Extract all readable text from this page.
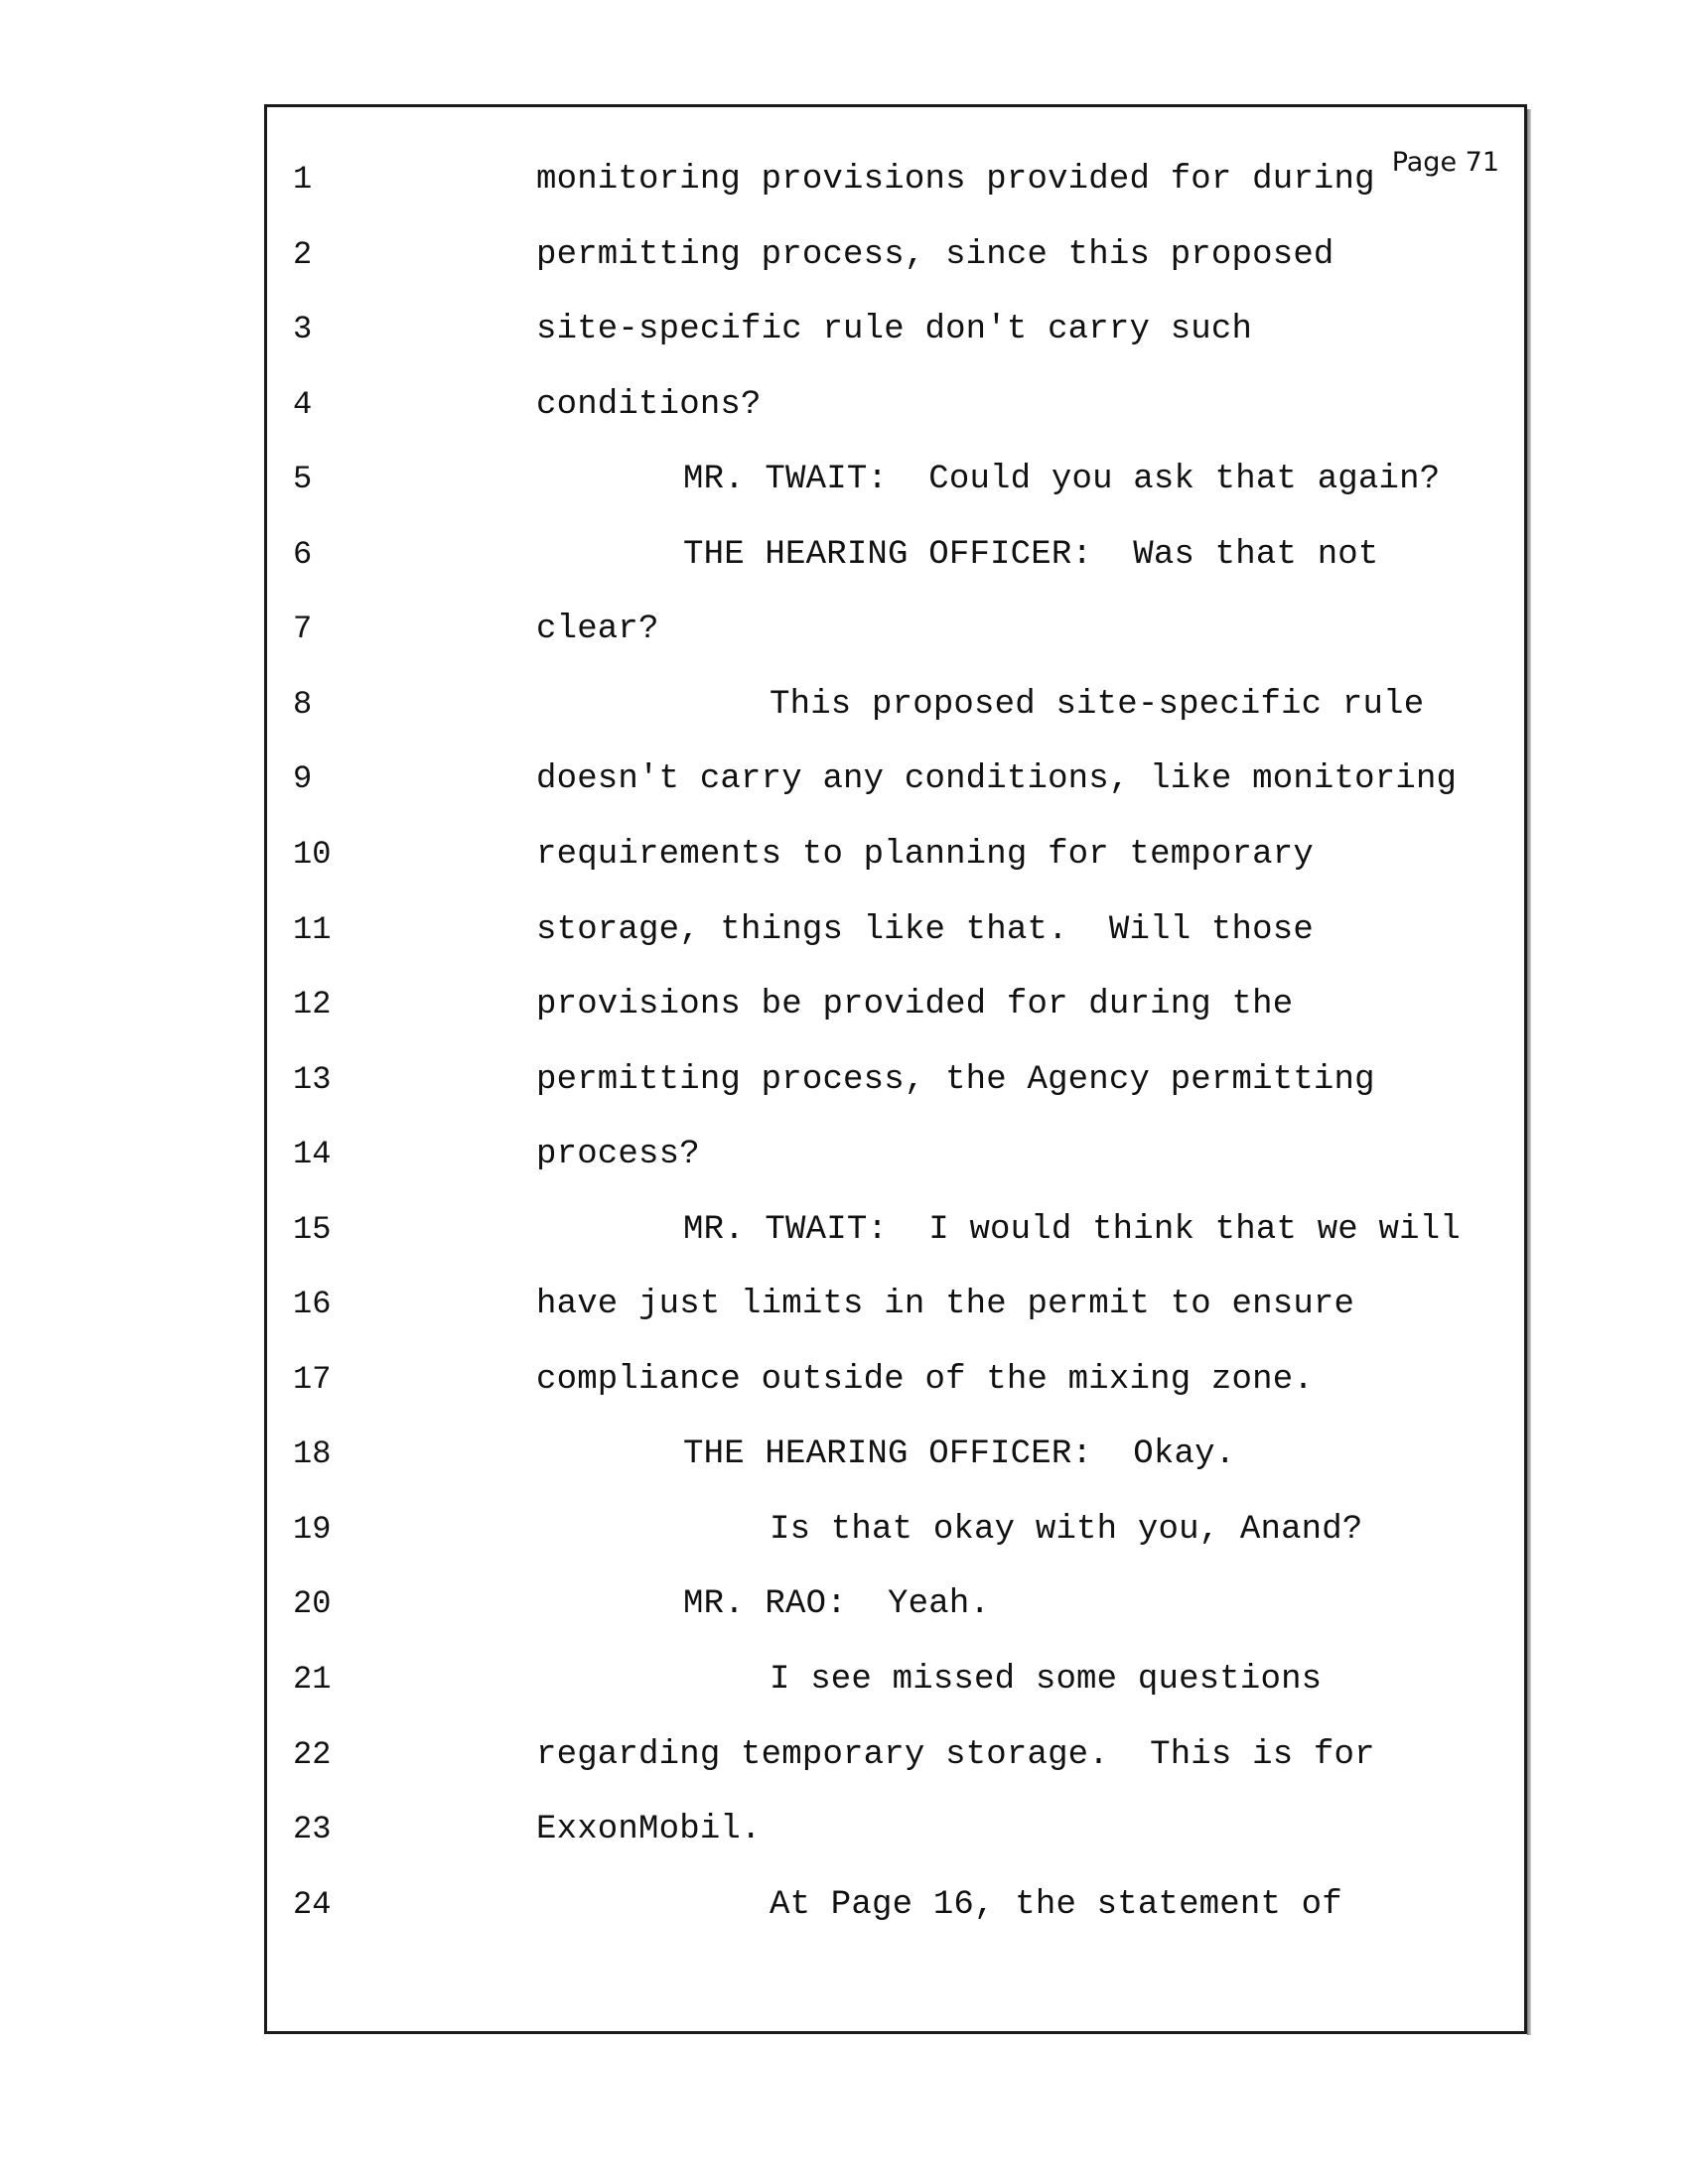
Page 71
1	monitoring provisions provided for during
2	permitting process, since this proposed
3	site-specific rule don't carry such
4	conditions?
5	MR. TWAIT:  Could you ask that again?
6	THE HEARING OFFICER:  Was that not
7	clear?
8	This proposed site-specific rule
9	doesn't carry any conditions, like monitoring
10	requirements to planning for temporary
11	storage, things like that.  Will those
12	provisions be provided for during the
13	permitting process, the Agency permitting
14	process?
15	MR. TWAIT:  I would think that we will
16	have just limits in the permit to ensure
17	compliance outside of the mixing zone.
18	THE HEARING OFFICER:  Okay.
19	Is that okay with you, Anand?
20	MR. RAO:  Yeah.
21	I see missed some questions
22	regarding temporary storage.  This is for
23	ExxonMobil.
24	At Page 16, the statement of
